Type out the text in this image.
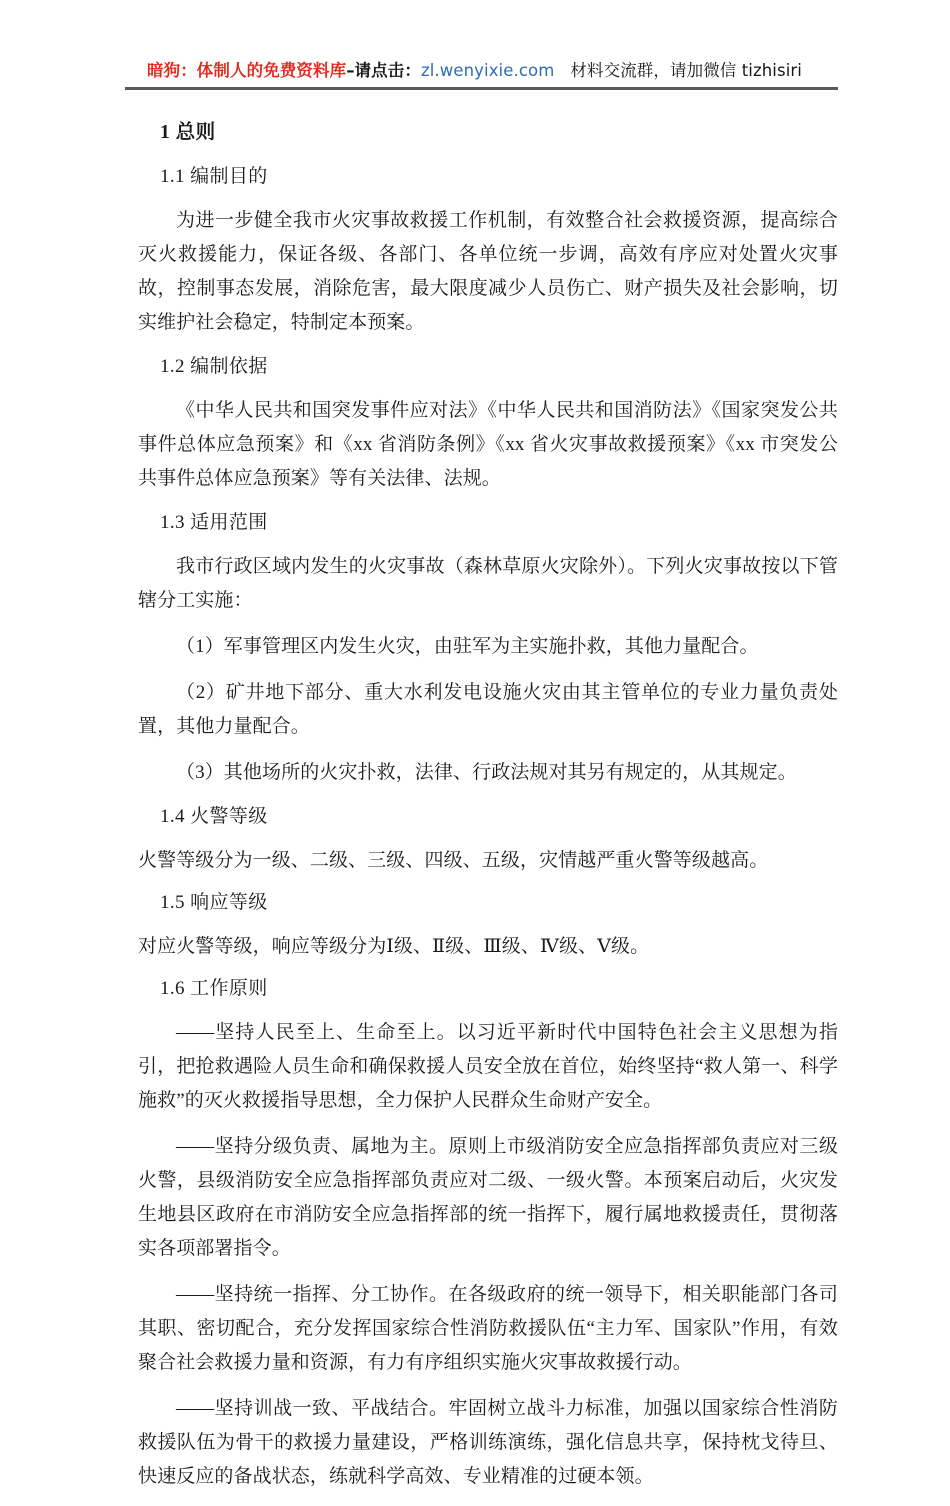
暗狗：体制人的免费资料库–请点击：zl.wenyixie.com 材料交流群，请加微信 tizhisiri
1 总则
1.1 编制目的

为进一步健全我市火灾事故救援工作机制，有效整合社会救援资源，提高综合灭火救援能力，保证各级、各部门、各单位统一步调，高效有序应对处置火灾事故，控制事态发展，消除危害，最大限度减少人员伤亡、财产损失及社会影响，切实维护社会稳定，特制定本预案。

1.2 编制依据

《中华人民共和国突发事件应对法》《中华人民共和国消防法》《国家突发公共事件总体应急预案》和《xx 省消防条例》《xx 省火灾事故救援预案》《xx 市突发公共事件总体应急预案》等有关法律、法规。

1.3 适用范围

我市行政区域内发生的火灾事故（森林草原火灾除外）。下列火灾事故按以下管辖分工实施：

（1）军事管理区内发生火灾，由驻军为主实施扑救，其他力量配合。

（2）矿井地下部分、重大水利发电设施火灾由其主管单位的专业力量负责处置，其他力量配合。

（3）其他场所的火灾扑救，法律、行政法规对其另有规定的，从其规定。

1.4 火警等级

火警等级分为一级、二级、三级、四级、五级，灾情越严重火警等级越高。

1.5 响应等级

对应火警等级，响应等级分为Ⅰ级、Ⅱ级、Ⅲ级、Ⅳ级、Ⅴ级。

1.6 工作原则

——坚持人民至上、生命至上。以习近平新时代中国特色社会主义思想为指引，把抢救遇险人员生命和确保救援人员安全放在首位，始终坚持“救人第一、科学施救”的灭火救援指导思想，全力保护人民群众生命财产安全。

——坚持分级负责、属地为主。原则上市级消防安全应急指挥部负责应对三级火警，县级消防安全应急指挥部负责应对二级、一级火警。本预案启动后，火灾发生地县区政府在市消防安全应急指挥部的统一指挥下，履行属地救援责任，贯彻落实各项部署指令。

——坚持统一指挥、分工协作。在各级政府的统一领导下，相关职能部门各司其职、密切配合，充分发挥国家综合性消防救援队伍“主力军、国家队”作用，有效聚合社会救援力量和资源，有力有序组织实施火灾事故救援行动。

——坚持训战一致、平战结合。牢固树立战斗力标准，加强以国家综合性消防救援队伍为骨干的救援力量建设，严格训练演练，强化信息共享，保持枕戈待旦、快速反应的备战状态，练就科学高效、专业精准的过硬本领。
